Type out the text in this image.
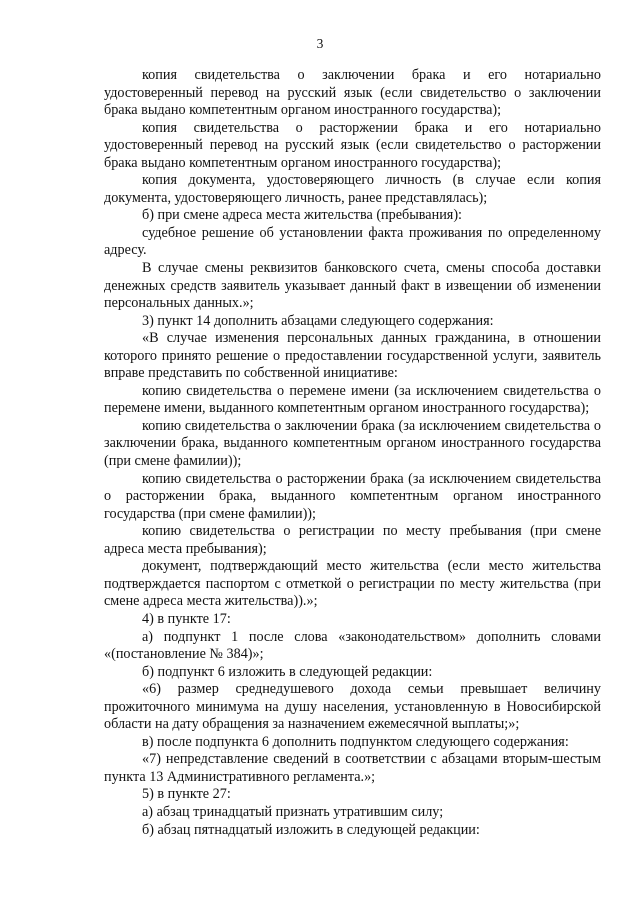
3

копия свидетельства о заключении брака и его нотариально удостоверенный перевод на русский язык (если свидетельство о заключении брака выдано компетентным органом иностранного государства);

копия свидетельства о расторжении брака и его нотариально удостоверенный перевод на русский язык (если свидетельство о расторжении брака выдано компетентным органом иностранного государства);

копия документа, удостоверяющего личность (в случае если копия документа, удостоверяющего личность, ранее представлялась);

б) при смене адреса места жительства (пребывания):

судебное решение об установлении факта проживания по определенному адресу.

В случае смены реквизитов банковского счета, смены способа доставки денежных средств заявитель указывает данный факт в извещении об изменении персональных данных.»;

3) пункт 14 дополнить абзацами следующего содержания:

«В случае изменения персональных данных гражданина, в отношении которого принято решение о предоставлении государственной услуги, заявитель вправе представить по собственной инициативе:

копию свидетельства о перемене имени (за исключением свидетельства о перемене имени, выданного компетентным органом иностранного государства);

копию свидетельства о заключении брака (за исключением свидетельства о заключении брака, выданного компетентным органом иностранного государства (при смене фамилии));

копию свидетельства о расторжении брака (за исключением свидетельства о расторжении брака, выданного компетентным органом иностранного государства (при смене фамилии));

копию свидетельства о регистрации по месту пребывания (при смене адреса места пребывания);

документ, подтверждающий место жительства (если место жительства подтверждается паспортом с отметкой о регистрации по месту жительства (при смене адреса места жительства)).»;

4) в пункте 17:

а) подпункт 1 после слова «законодательством» дополнить словами «(постановление № 384)»;

б) подпункт 6 изложить в следующей редакции:

«6) размер среднедушевого дохода семьи превышает величину прожиточного минимума на душу населения, установленную в Новосибирской области на дату обращения за назначением ежемесячной выплаты;»;

в) после подпункта 6 дополнить подпунктом следующего содержания:

«7) непредставление сведений в соответствии с абзацами вторым-шестым пункта 13 Административного регламента.»;

5) в пункте 27:

а) абзац тринадцатый признать утратившим силу;

б) абзац пятнадцатый изложить в следующей редакции:
